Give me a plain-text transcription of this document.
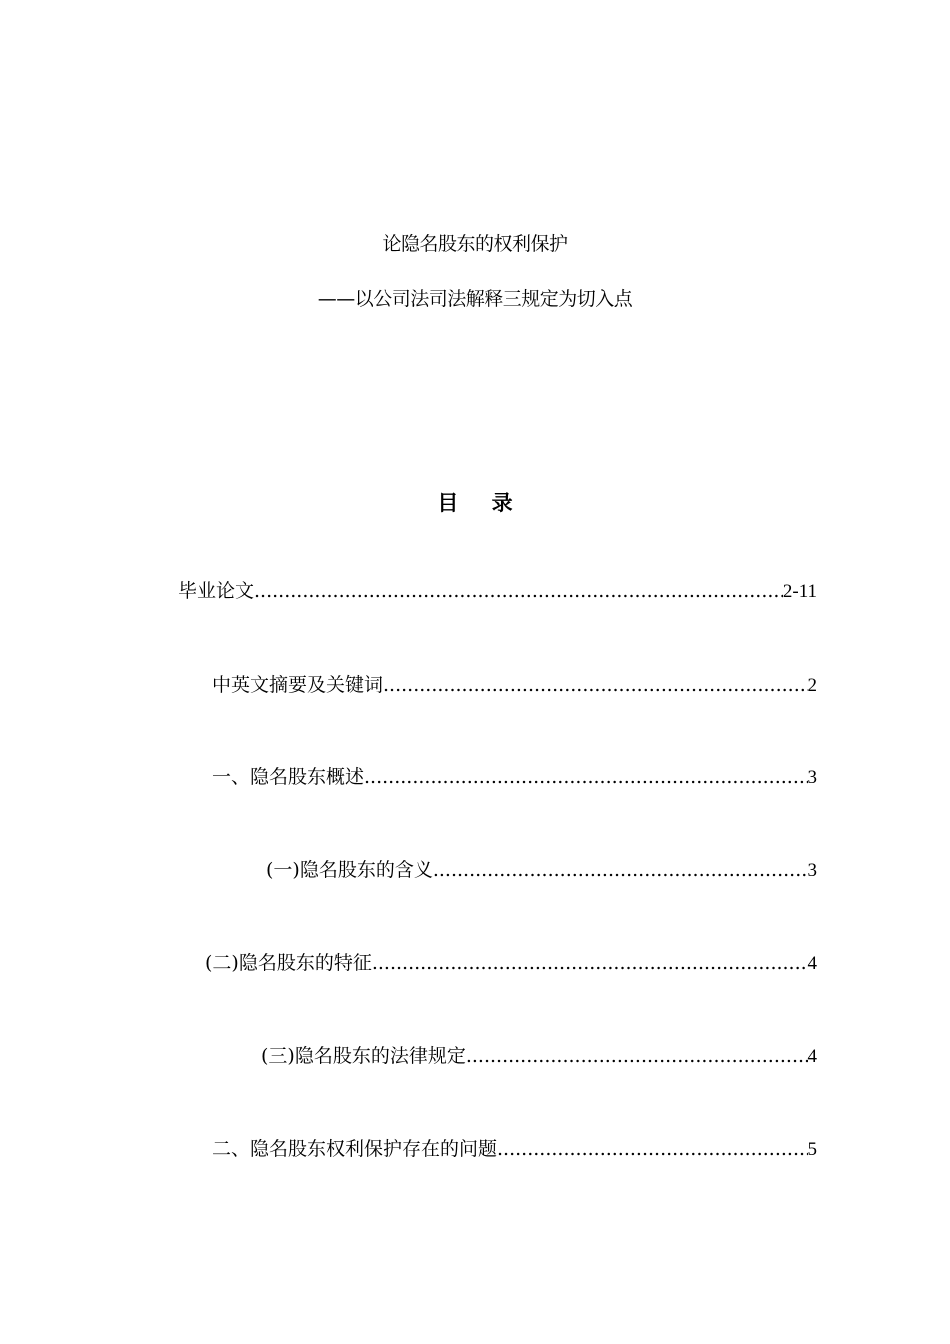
论隐名股东的权利保护
——以公司法司法解释三规定为切入点
目 录
毕业论文 .....	2-11
中英文摘要及关键词 .....	2
一、隐名股东概述 .....	3
(一)隐名股东的含义 .....	3
(二)隐名股东的特征 .....	4
(三)隐名股东的法律规定 .....	4
二、隐名股东权利保护存在的问题 .....	5
